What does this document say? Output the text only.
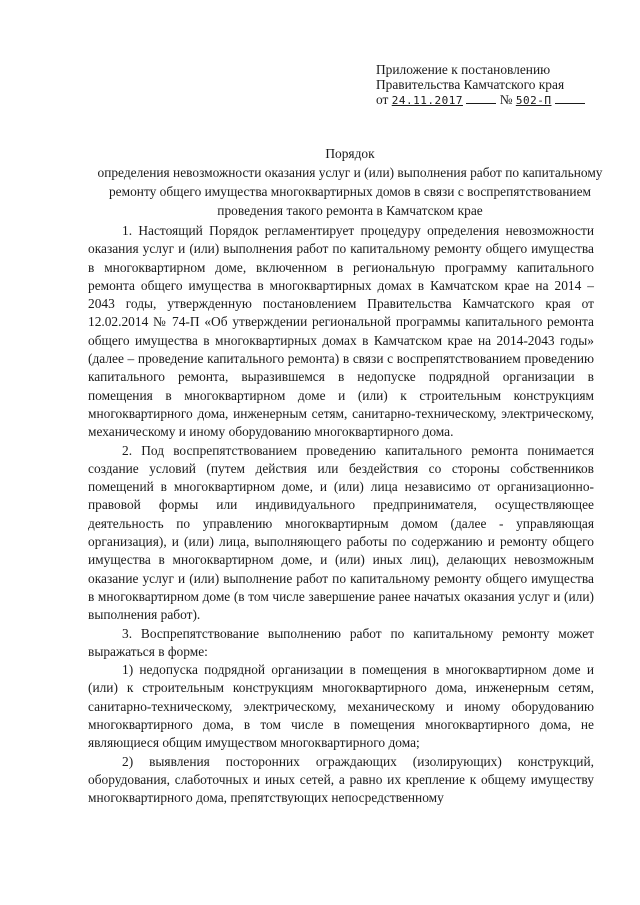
Приложение к постановлению
Правительства Камчатского края
от 24.11.2017	№ 502-П
Порядок
определения невозможности оказания услуг и (или) выполнения работ по капитальному ремонту общего имущества многоквартирных домов в связи с воспрепятствованием проведения такого ремонта в Камчатском крае

1. Настоящий Порядок регламентирует процедуру определения невозможности оказания услуг и (или) выполнения работ по капитальному ремонту общего имущества в многоквартирном доме, включенном в региональную программу капитального ремонта общего имущества в многоквартирных домах в Камчатском крае на 2014 – 2043 годы, утвержденную постановлением Правительства Камчатского края от 12.02.2014 № 74-П «Об утверждении региональной программы капитального ремонта общего имущества в многоквартирных домах в Камчатском крае на 2014-2043 годы» (далее – проведение капитального ремонта) в связи с воспрепятствованием проведению капитального ремонта, выразившемся в недопуске подрядной организации в помещения в многоквартирном доме и (или) к строительным конструкциям многоквартирного дома, инженерным сетям, санитарно-техническому, электрическому, механическому и иному оборудованию многоквартирного дома.

2. Под воспрепятствованием проведению капитального ремонта понимается создание условий (путем действия или бездействия со стороны собственников помещений в многоквартирном доме, и (или) лица независимо от организационно-правовой формы или индивидуального предпринимателя, осуществляющее деятельность по управлению многоквартирным домом (далее - управляющая организация), и (или) лица, выполняющего работы по содержанию и ремонту общего имущества в многоквартирном доме, и (или) иных лиц), делающих невозможным оказание услуг и (или) выполнение работ по капитальному ремонту общего имущества в многоквартирном доме (в том числе завершение ранее начатых оказания услуг и (или) выполнения работ).

3. Воспрепятствование выполнению работ по капитальному ремонту может выражаться в форме:

1) недопуска подрядной организации в помещения в многоквартирном доме и (или) к строительным конструкциям многоквартирного дома, инженерным сетям, санитарно-техническому, электрическому, механическому и иному оборудованию многоквартирного дома, в том числе в помещения многоквартирного дома, не являющиеся общим имуществом многоквартирного дома;

2) выявления посторонних ограждающих (изолирующих) конструкций, оборудования, слаботочных и иных сетей, а равно их крепление к общему имуществу многоквартирного дома, препятствующих непосредственному
